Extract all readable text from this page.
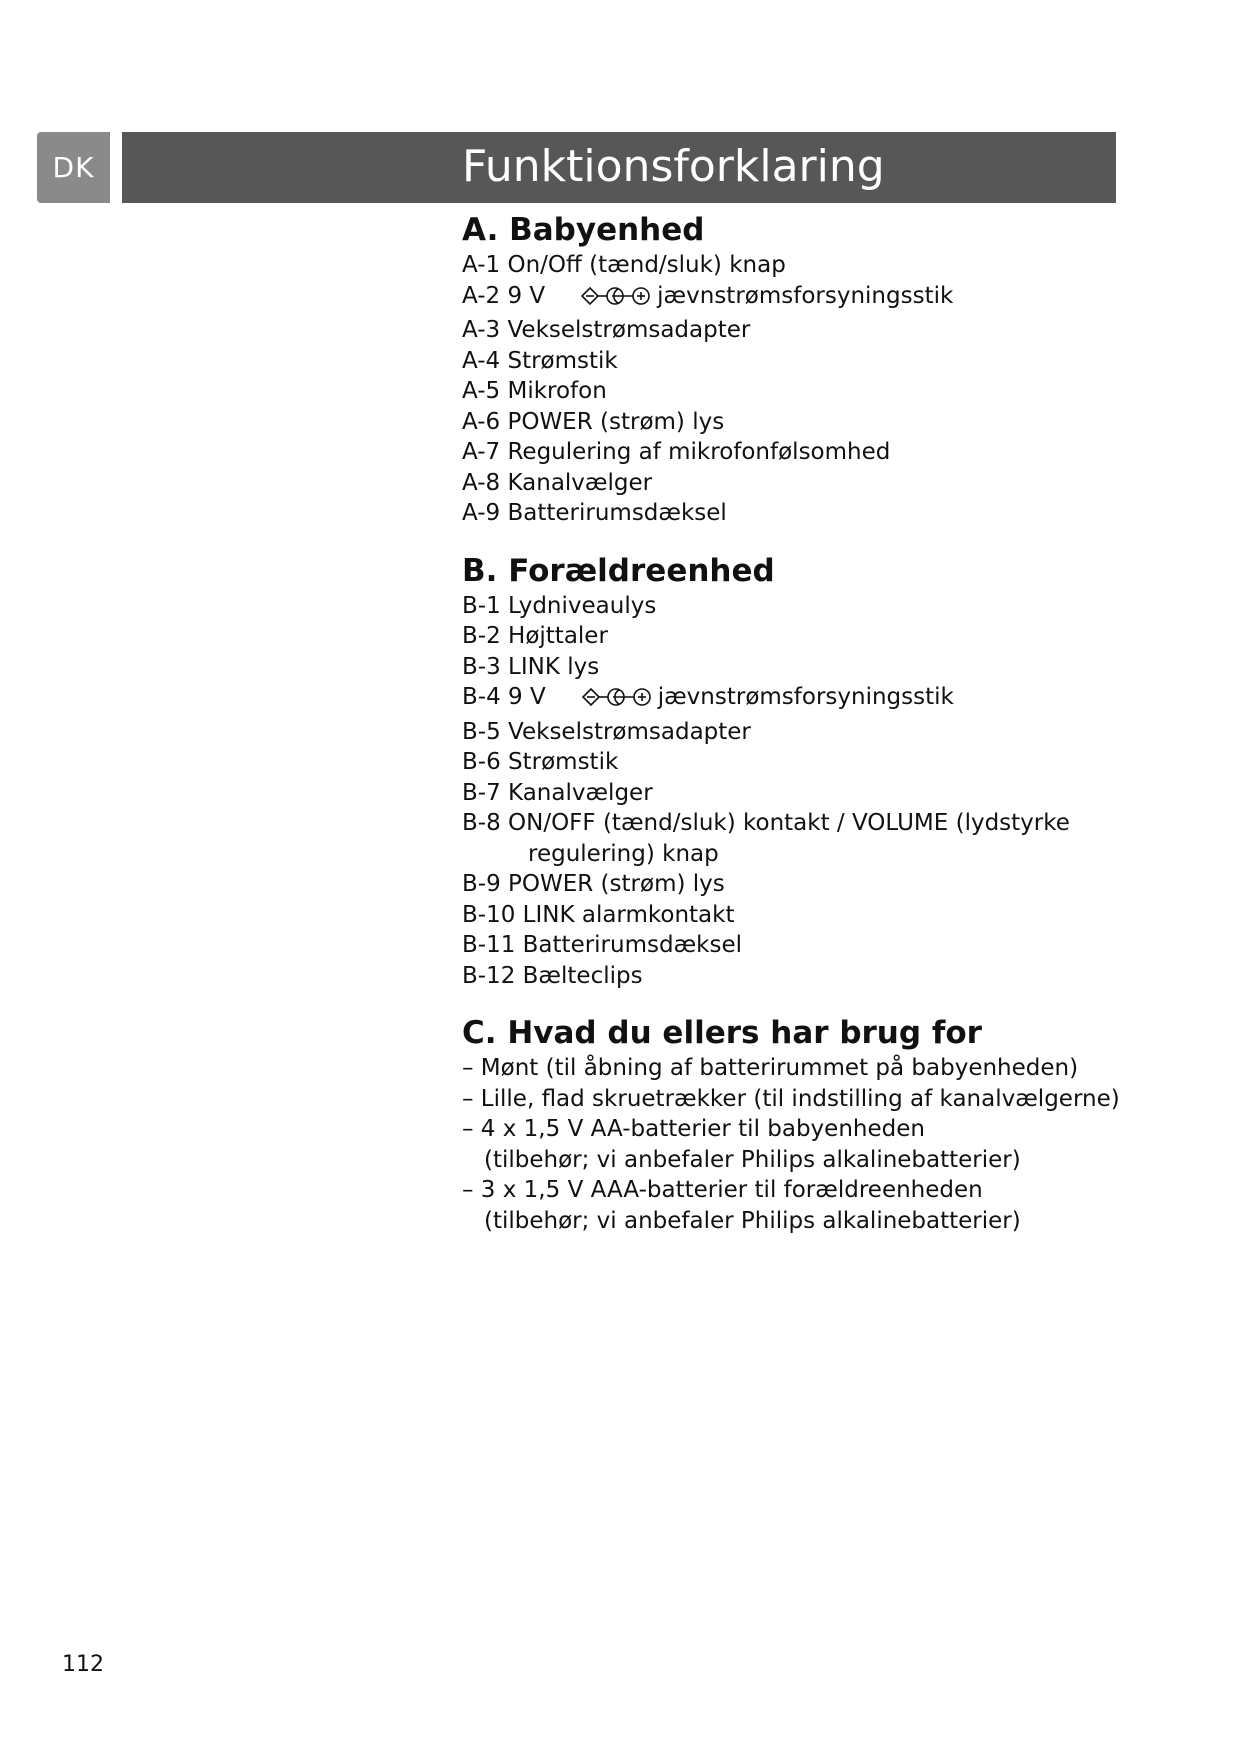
DK	Funktionsforklaring
A. Babyenhed
A-1 On/Off (tænd/sluk) knap
A-2 9 V	jævnstrømsforsyningsstik
A-3 Vekselstrømsadapter
A-4 Strømstik
A-5 Mikrofon
A-6 POWER (strøm) lys
A-7 Regulering af mikrofonfølsomhed
A-8 Kanalvælger
A-9 Batterirumsdæksel
B. Forældreenhed
B-1 Lydniveaulys
B-2 Højttaler
B-3 LINK lys
B-4 9 V	jævnstrømsforsyningsstik
B-5 Vekselstrømsadapter
B-6 Strømstik
B-7 Kanalvælger
B-8 ON/OFF (tænd/sluk) kontakt / VOLUME (lydstyrke
regulering) knap
B-9 POWER (strøm) lys
B-10 LINK alarmkontakt
B-11 Batterirumsdæksel
B-12 Bælteclips
C. Hvad du ellers har brug for
– Mønt (til åbning af batterirummet på babyenheden)
– Lille, flad skruetrækker (til indstilling af kanalvælgerne)
– 4 x 1,5 V AA-batterier til babyenheden
(tilbehør; vi anbefaler Philips alkalinebatterier)
– 3 x 1,5 V AAA-batterier til forældreenheden
(tilbehør; vi anbefaler Philips alkalinebatterier)
112
